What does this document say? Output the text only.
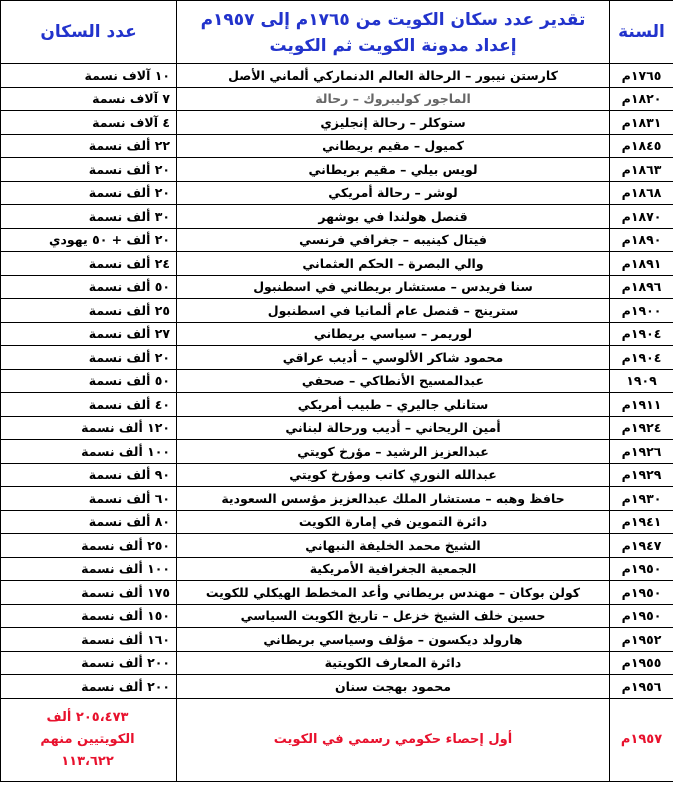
السنة	تقدير عدد سكان الكويت من ١٧٦٥م إلى ١٩٥٧م
إعداد مدونة الكويت ثم الكويت	عدد السكان
١٧٦٥م	كارستن نيبور – الرحالة العالم الدنماركي ألماني الأصل	١٠ آلاف نسمة
١٨٢٠م	الماجور كوليبروك – رحالة	٧ آلاف نسمة
١٨٣١م	ستوكلر – رحالة إنجليزي	٤ آلاف نسمة
١٨٤٥م	كميول – مقيم بريطاني	٢٢ ألف نسمة
١٨٦٣م	لويس بيلي – مقيم بريطاني	٢٠ ألف نسمة
١٨٦٨م	لوشر – رحالة أمريكي	٢٠ ألف نسمة
١٨٧٠م	قنصل هولندا في بوشهر	٣٠ ألف نسمة
١٨٩٠م	فيتال كينيبه – جغرافي فرنسي	٢٠ ألف + ٥٠ يهودي
١٨٩١م	والي البصرة – الحكم العثماني	٢٤ ألف نسمة
١٨٩٦م	سنا فريدس – مستشار بريطاني في اسطنبول	٥٠ ألف نسمة
١٩٠٠م	سترينج – قنصل عام ألمانيا في اسطنبول	٢٥ ألف نسمة
١٩٠٤م	لوريمر – سياسي بريطاني	٢٧ ألف نسمة
١٩٠٤م	محمود شاكر الألوسي – أديب عراقي	٢٠ ألف نسمة
١٩٠٩	عبدالمسيح الأنطاكي – صحفي	٥٠ ألف نسمة
١٩١١م	ستانلي جاليري – طبيب أمريكي	٤٠ ألف نسمة
١٩٢٤م	أمين الريحاني – أديب ورحالة لبناني	١٢٠ ألف نسمة
١٩٢٦م	عبدالعزيز الرشيد – مؤرخ كويتي	١٠٠ ألف نسمة
١٩٢٩م	عبدالله النوري كاتب ومؤرخ كويتي	٩٠ ألف نسمة
١٩٣٠م	حافظ وهبه – مستشار الملك عبدالعزيز مؤسس السعودية	٦٠ ألف نسمة
١٩٤١م	دائرة التموين في إمارة الكويت	٨٠ ألف نسمة
١٩٤٧م	الشيخ محمد الخليفة النبهاني	٢٥٠ ألف نسمة
١٩٥٠م	الجمعية الجغرافية الأمريكية	١٠٠ ألف نسمة
١٩٥٠م	كولن بوكان – مهندس بريطاني وأعد المخطط الهيكلي للكويت	١٧٥ ألف نسمة
١٩٥٠م	حسين خلف الشيخ خزعل – تاريخ الكويت السياسي	١٥٠ ألف نسمة
١٩٥٢م	هارولد ديكسون – مؤلف وسياسي بريطاني	١٦٠ ألف نسمة
١٩٥٥م	دائرة المعارف الكويتية	٢٠٠ ألف نسمة
١٩٥٦م	محمود بهجت سنان	٢٠٠ ألف نسمة
١٩٥٧م	أول إحصاء حكومي رسمي في الكويت	٢٠٥،٤٧٣ ألف
الكويتيين منهم
١١٣،٦٢٢
